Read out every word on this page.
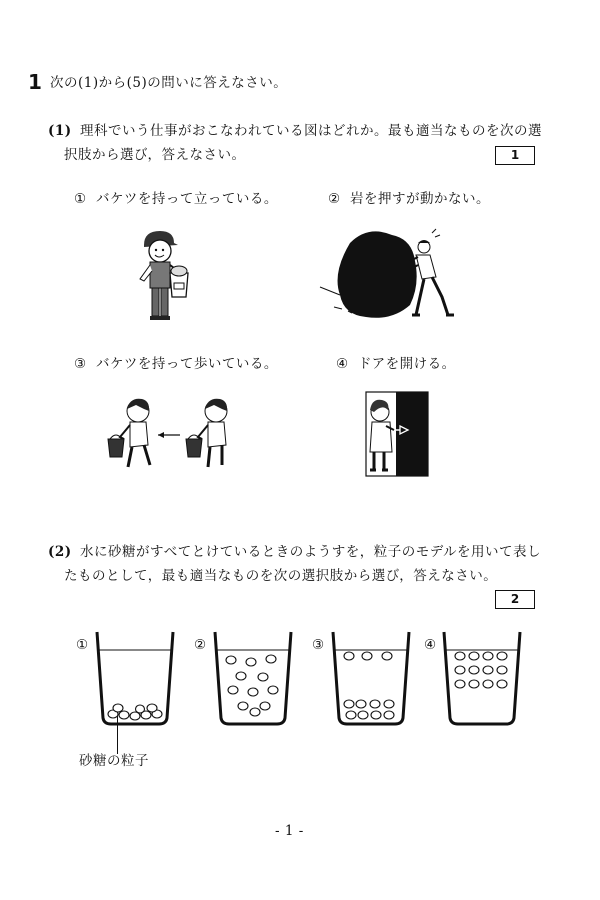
1 次の(1)から(5)の問いに答えなさい。
(1) 理科でいう仕事がおこなわれている図はどれか。最も適当なものを次の選
択肢から選び，答えなさい。	1
① バケツを持って立っている。	② 岩を押すが動かない。
③ バケツを持って歩いている。	④ ドアを開ける。
(2) 水に砂糖がすべてとけているときのようすを，粒子のモデルを用いて表し
たものとして，最も適当なものを次の選択肢から選び，答えなさい。
2
①	②	③	④
砂糖の粒子
- 1 -
